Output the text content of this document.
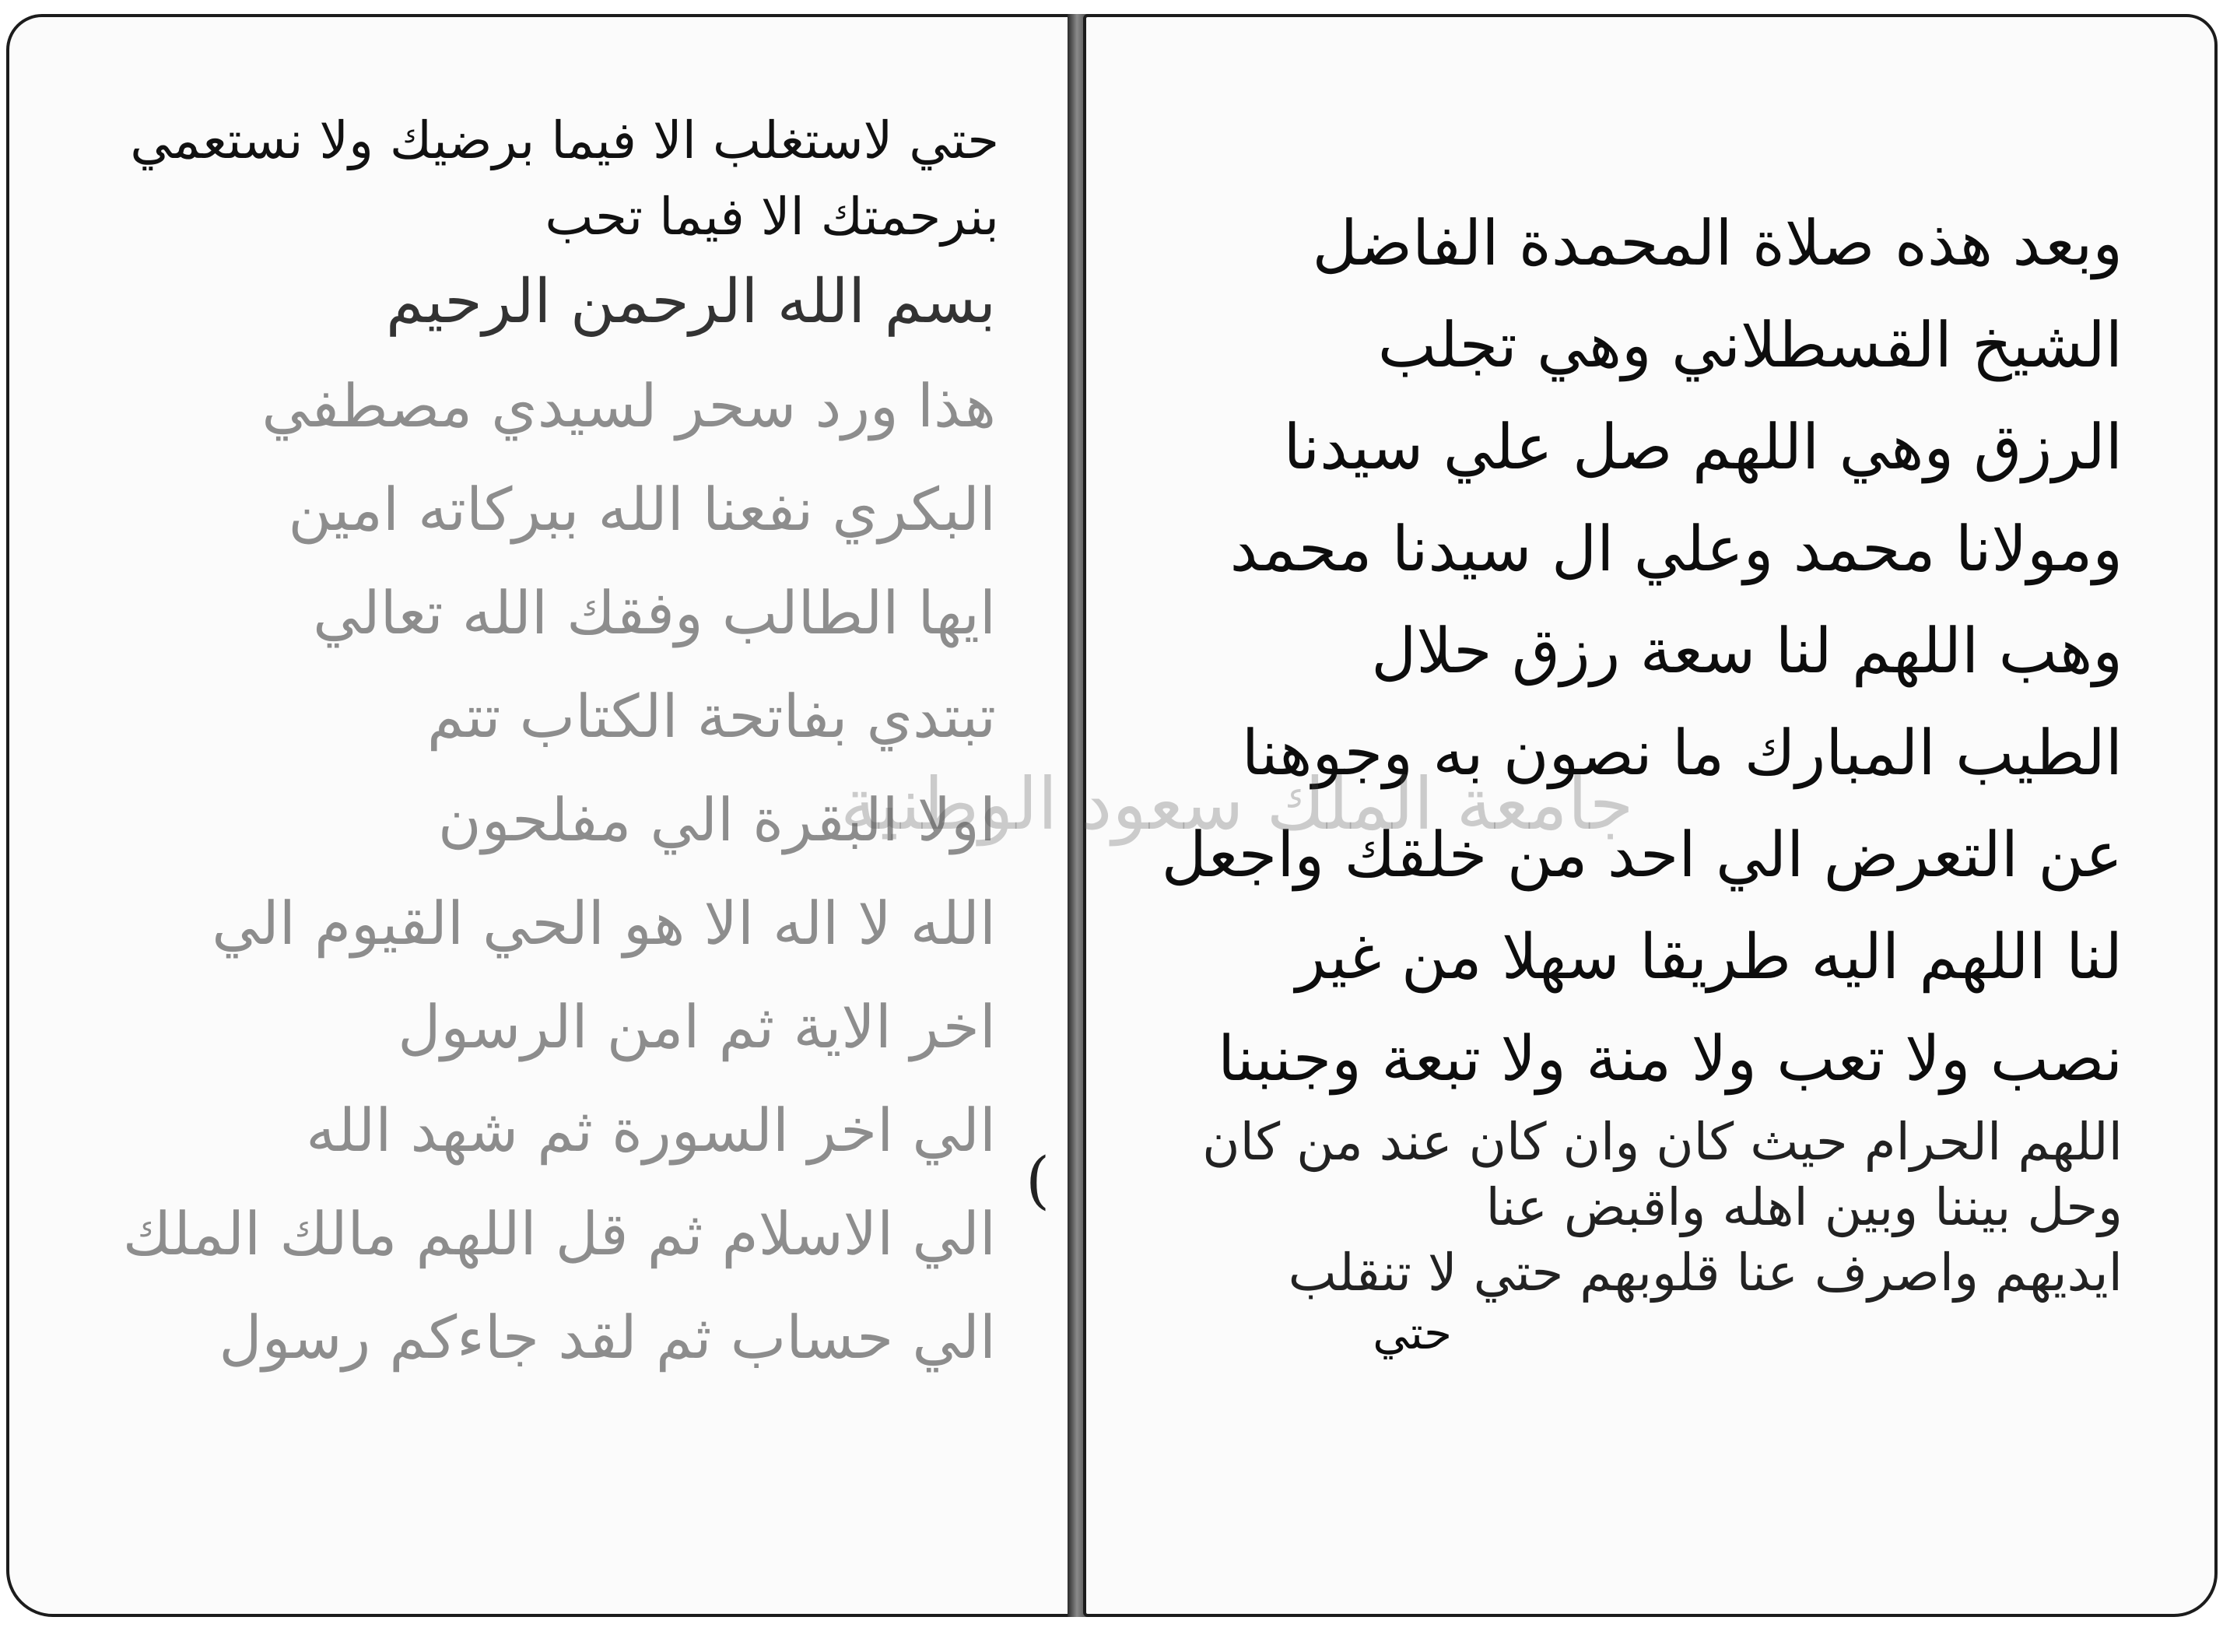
حتي لاستغلب الا فيما برضيك ولا نستعمي
بنرحمتك الا فيما تحب
بسم الله الرحمن الرحيم
هذا ورد سحر لسيدي مصطفي
البكري نفعنا الله ببركاته امين
ايها الطالب وفقك الله تعالي
تبتدي بفاتحة الكتاب تتم
اولا البقرة الي مفلحون
الله لا اله الا هو الحي القيوم الي
اخر الاية ثم امن الرسول
الي اخر السورة ثم شهد الله
الي الاسلام ثم قل اللهم مالك الملك
الي حساب ثم لقد جاءكم رسول
وبعد هذه صلاة المحمدة الفاضل
الشيخ القسطلاني وهي تجلب
الرزق وهي اللهم صل علي سيدنا
ومولانا محمد وعلي ال سيدنا محمد
وهب اللهم لنا سعة رزق حلال
الطيب المبارك ما نصون به وجوهنا
عن التعرض الي احد من خلقك واجعل
لنا اللهم اليه طريقا سهلا من غير
نصب ولا تعب ولا منة ولا تبعة وجنبنا
اللهم الحرام حيث كان وان كان عند من كان
وحل بيننا وبين اهله واقبض عنا
ايديهم واصرف عنا قلوبهم حتي لا تنقلب
حتي
(
جامعة الملك سعود الوطنية
